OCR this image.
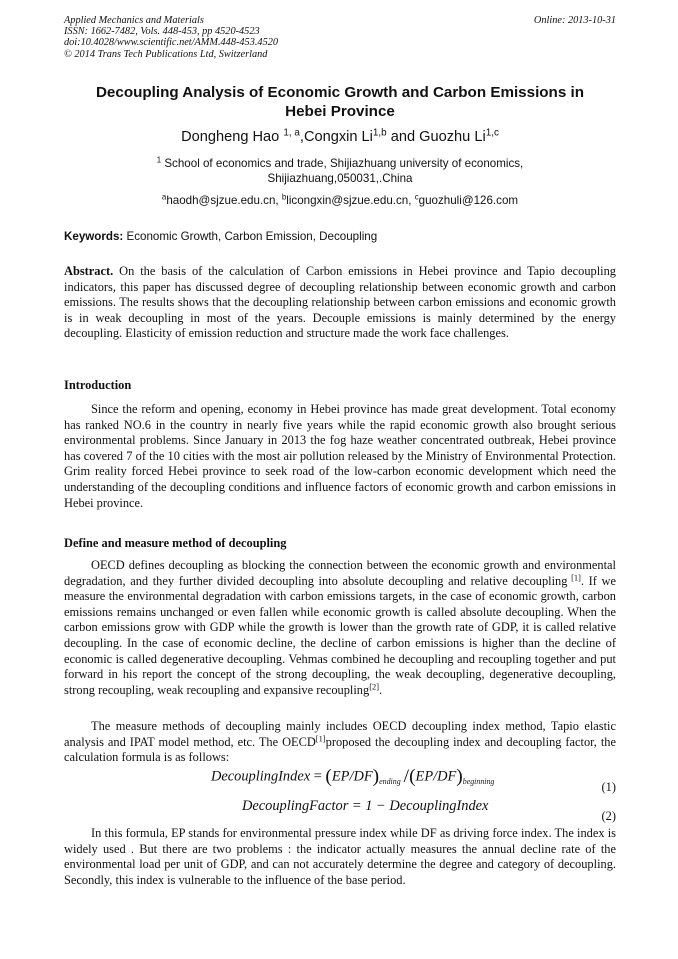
Applied Mechanics and Materials
ISSN: 1662-7482, Vols. 448-453, pp 4520-4523
doi:10.4028/www.scientific.net/AMM.448-453.4520
© 2014 Trans Tech Publications Ltd, Switzerland
Online: 2013-10-31
Decoupling Analysis of Economic Growth and Carbon Emissions in
Hebei Province
Dongheng Hao $^{1, a}$,Congxin Li$^{1,b}$ and Guozhu Li$^{1,c}$
$^1$ School of economics and trade, Shijiazhuang university of economics,
Shijiazhuang,050031,.China
$^a$haodh@sjzue.edu.cn, $^b$licongxin@sjzue.edu.cn, $^c$guozhuli@126.com
Keywords: Economic Growth, Carbon Emission, Decoupling
Abstract. On the basis of the calculation of Carbon emissions in Hebei province and Tapio decoupling indicators, this paper has discussed degree of decoupling relationship between economic growth and carbon emissions. The results shows that the decoupling relationship between carbon emissions and economic growth is in weak decoupling in most of the years. Decouple emissions is mainly determined by the energy decoupling. Elasticity of emission reduction and structure made the work face challenges.
Introduction
Since the reform and opening, economy in Hebei province has made great development. Total economy has ranked NO.6 in the country in nearly five years while the rapid economic growth also brought serious environmental problems. Since January in 2013 the fog haze weather concentrated outbreak, Hebei province has covered 7 of the 10 cities with the most air pollution released by the Ministry of Environmental Protection. Grim reality forced Hebei province to seek road of the low-carbon economic development which need the understanding of the decoupling conditions and influence factors of economic growth and carbon emissions in Hebei province.
Define and measure method of decoupling
OECD defines decoupling as blocking the connection between the economic growth and environmental degradation, and they further divided decoupling into absolute decoupling and relative decoupling [1]. If we measure the environmental degradation with carbon emissions targets, in the case of economic growth, carbon emissions remains unchanged or even fallen while economic growth is called absolute decoupling. When the carbon emissions grow with GDP while the growth is lower than the growth rate of GDP, it is called relative decoupling. In the case of economic decline, the decline of carbon emissions is higher than the decline of economic is called degenerative decoupling. Vehmas combined he decoupling and recoupling together and put forward in his report the concept of the strong decoupling, the weak decoupling, degenerative decoupling, strong recoupling, weak recoupling and expansive recoupling[2].
The measure methods of decoupling mainly includes OECD decoupling index method, Tapio elastic analysis and IPAT model method, etc. The OECD[1]proposed the decoupling index and decoupling factor, the calculation formula is as follows:
DecouplingIndex = $(EP/DF)_{ending}$ $/(EP/DF)_{beginning}$	(1)
DecouplingFactor = 1 − DecouplingIndex
(2)
In this formula, EP stands for environmental pressure index while DF as driving force index. The index is widely used . But there are two problems : the indicator actually measures the annual decline rate of the environmental load per unit of GDP, and can not accurately determine the degree and category of decoupling. Secondly, this index is vulnerable to the influence of the base period.
